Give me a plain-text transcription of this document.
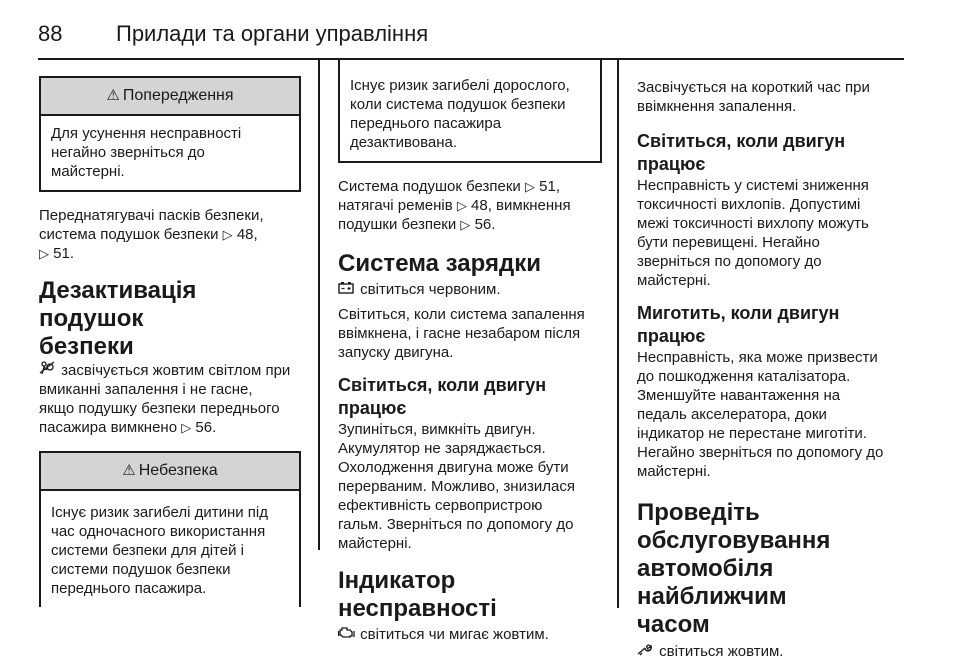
88 Прилади та органи управління
⚠ Попередження

Для усунення несправності

негайно зверніться до

майстерні.

Переднатягувачі пасків безпеки,

система подушок безпеки ▷ 48,

▷ 51.

Дезактивація подушок

безпеки

засвічується жовтим світлом при

вмиканні запалення і не гасне,

якщо подушку безпеки переднього

пасажира вимкнено ▷ 56.

⚠ Небезпека

Існує ризик загибелі дитини під

час одночасного використання

системи безпеки для дітей і

системи подушок безпеки

переднього пасажира.

Існує ризик загибелі дорослого,

коли система подушок безпеки

переднього пасажира

дезактивована.

Система подушок безпеки ▷ 51,

натягачі ременів ▷ 48, вимкнення

подушки безпеки ▷ 56.

Система зарядки

світиться червоним.

Світиться, коли система запалення

ввімкнена, і гасне незабаром після

запуску двигуна.

Світиться, коли двигун

працює

Зупиніться, вимкніть двигун.

Акумулятор не заряджається.

Охолодження двигуна може бути

перерваним. Можливо, знизилася

ефективність сервопристрою

гальм. Зверніться по допомогу до

майстерні.

Індикатор несправності

світиться чи мигає жовтим.

Засвічується на короткий час при

ввімкнення запалення.

Світиться, коли двигун

працює

Несправність у системі зниження

токсичності вихлопів. Допустимі

межі токсичності вихлопу можуть

бути перевищені. Негайно

зверніться по допомогу до

майстерні.

Миготить, коли двигун працює

Несправність, яка може призвести

до пошкодження каталізатора.

Зменшуйте навантаження на

педаль акселератора, доки

індикатор не перестане миготіти.

Негайно зверніться по допомогу до

майстерні.

Проведіть

обслуговування

автомобіля найближчим

часом

світиться жовтим.
